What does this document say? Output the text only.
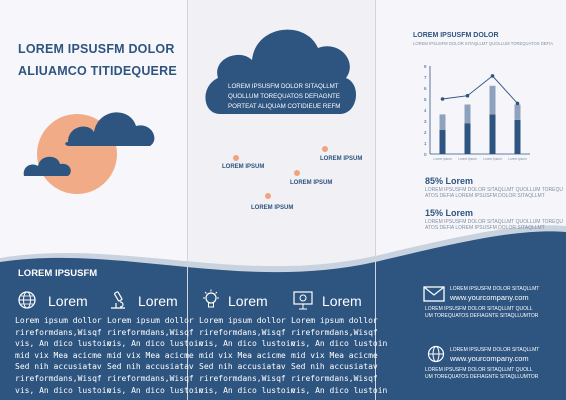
LOREM IPSUSFM DOLOR
ALIUAMCO TITIDEQUERE
LOREM IPSUSFM DOLOR SITAQLLMT
QUOLLUM TOREQUATOS DEFIAGNTE
PORTEAT ALIQUAM COTIDIEUE REFM
LOREM IPSUM
LOREM IPSUM
LOREM IPSUM
LOREM IPSUM
LOREM IPSUSFM DOLOR
LOREM IPSUSFM DOLOR SITAQLLMT QUOLLUM TOREQUATOS DEFIA
0
1
2
3
4
5
6
7
8
Lorem Ipsum Lorem Ipsum Lorem Ipsum Lorem Ipsum
85% Lorem
LOREM IPSUSFM DOLOR SITAQLLMT QUOLLUM TOREQU
ATOS DEFIA LOREM IPSUSFM DOLOR SITAQLLMT
15% Lorem
LOREM IPSUSFM DOLOR SITAQLLMT QUOLLUM TOREQU
ATOS DEFIA LOREM IPSUSFM DOLOR SITAQLLMT
LOREM IPSUSFM
Lorem
Lorem ipsum dollor
rireformdans,Wisqf
vis, An dico lustoin
mid vix Mea acicme
Sed nih accusiatav
rireformdans,Wisqf
vis, An dico lustoin
Lorem
Lorem ipsum dollor
rireformdans,Wisqf
vis, An dico lustoin
mid vix Mea acicme
Sed nih accusiatav
rireformdans,Wisqf
vis, An dico lustoin
Lorem
Lorem ipsum dollor
rireformdans,Wisqf
vis, An dico lustoin
mid vix Mea acicme
Sed nih accusiatav
rireformdans,Wisqf
vis, An dico lustoin
Lorem
Lorem ipsum dollor
rireformdans,Wisqf
vis, An dico lustoin
mid vix Mea acicme
Sed nih accusiatav
rireformdans,Wisqf
vis, An dico lustoin
LOREM IPSUSFM DOLOR SITAQLLMT
www.yourcompany.com
LOREM IPSUSFM DOLOR SITAQLLMT QUOLL
UM TOREQUATOS DEFIAGNTE SITAQLLUMTOR
LOREM IPSUSFM DOLOR SITAQLLMT
www.yourcompany.com
LOREM IPSUSFM DOLOR SITAQLLMT QUOLL
UM TOREQUATOS DEFIAGNTE SITAQLLUMTOR
